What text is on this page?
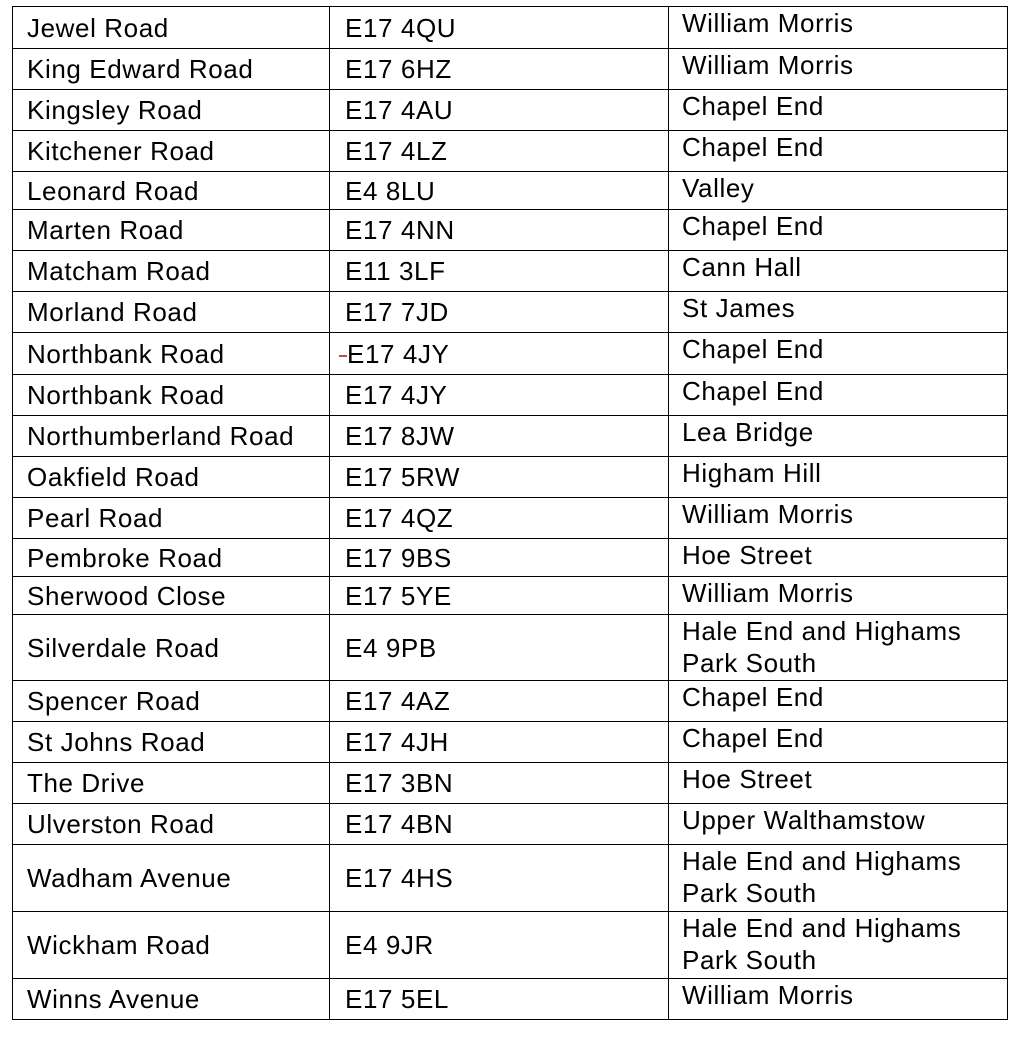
Jewel Road	E17 4QU	William Morris
King Edward Road	E17 6HZ	William Morris
Kingsley Road	E17 4AU	Chapel End
Kitchener Road	E17 4LZ	Chapel End
Leonard Road	E4 8LU	Valley
Marten Road	E17 4NN	Chapel End
Matcham Road	E11 3LF	Cann Hall
Morland Road	E17 7JD	St James
Northbank Road	E17 4JY	Chapel End
Northbank Road	E17 4JY	Chapel End
Northumberland Road	E17 8JW	Lea Bridge
Oakfield Road	E17 5RW	Higham Hill
Pearl Road	E17 4QZ	William Morris
Pembroke Road	E17 9BS	Hoe Street
Sherwood Close	E17 5YE	William Morris
Silverdale Road	E4 9PB	Hale End and Highams Park South
Spencer Road	E17 4AZ	Chapel End
St Johns Road	E17 4JH	Chapel End
The Drive	E17 3BN	Hoe Street
Ulverston Road	E17 4BN	Upper Walthamstow
Wadham Avenue	E17 4HS	Hale End and Highams Park South
Wickham Road	E4 9JR	Hale End and Highams Park South
Winns Avenue	E17 5EL	William Morris
